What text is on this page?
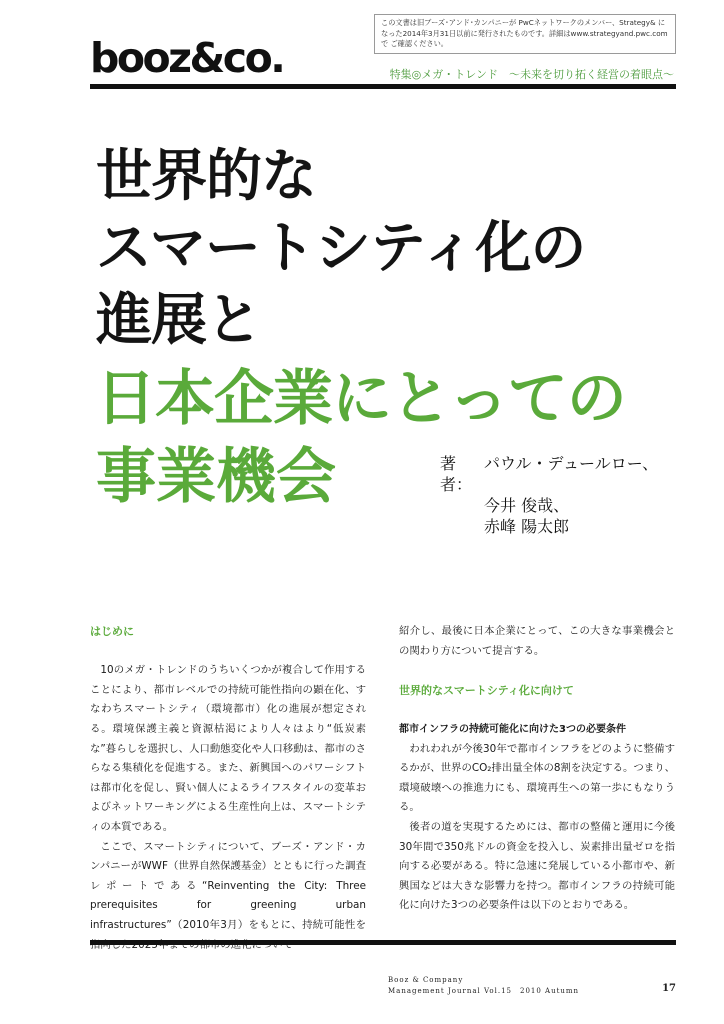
この文書は旧ブーズ･アンド･カンパニーが PwCネットワークのメンバー、Strategy& になった2014年3月31日以前に発行されたものです。詳細はwww.strategyand.pwc.comで ご確認ください。
booz&co.	特集◎メガ・トレンド　～未来を切り拓く経営の着眼点～
世界的な
スマートシティ化の
進展と
日本企業にとっての
事業機会	著者：
パウル・デュールロー、
今井 俊哉、
赤峰 陽太郎

はじめに

10のメガ・トレンドのうちいくつかが複合して作用することにより、都市レベルでの持続可能性指向の顕在化、すなわちスマートシティ（環境都市）化の進展が想定される。環境保護主義と資源枯渇により人々はより“低炭素な”暮らしを選択し、人口動態変化や人口移動は、都市のさらなる集積化を促進する。また、新興国へのパワーシフトは都市化を促し、賢い個人によるライフスタイルの変革およびネットワーキングによる生産性向上は、スマートシティの本質である。

ここで、スマートシティについて、ブーズ・アンド・カンパニーがWWF（世界自然保護基金）とともに行った調査レポートである“Reinventing the City: Three prerequisites for greening urban infrastructures”（2010年3月）をもとに、持続可能性を

紹介し、最後に日本企業にとって、この大きな事業機会との関わり方について提言する。

世界的なスマートシティ化に向けて

都市インフラの持続可能化に向けた3つの必要条件

われわれが今後30年で都市インフラをどのように整備するかが、世界のCO₂排出量全体の8割を決定する。つまり、環境破壊への推進力にも、環境再生への第一歩にもなりうる。

後者の道を実現するためには、都市の整備と運用に今後30年間で350兆ドルの資金を投入し、炭素排出量ゼロを指向する必要がある。特に急速に発展している小都市や、新興国などは大きな影響力を持つ。都市インフラの持続可能化に向けた3つの必要条件は以下のとおりである。

Booz & Company
Management Journal Vol.15　2010 Autumn	17
